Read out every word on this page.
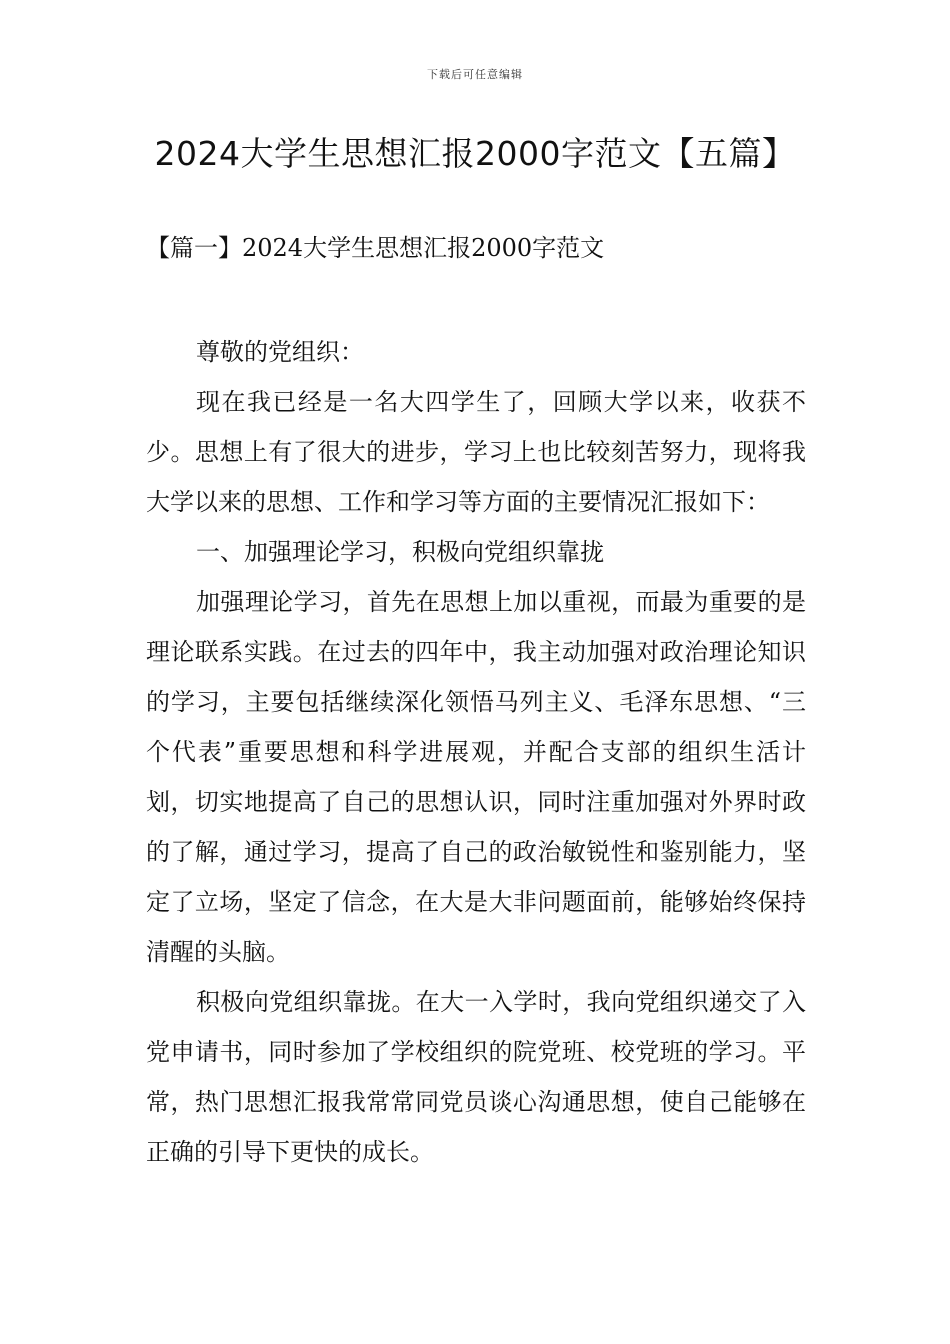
下载后可任意编辑
2024大学生思想汇报2000字范文【五篇】
【篇一】2024大学生思想汇报2000字范文

尊敬的党组织：

现在我已经是一名大四学生了，回顾大学以来，收获不少。思想上有了很大的进步，学习上也比较刻苦努力，现将我大学以来的思想、工作和学习等方面的主要情况汇报如下：

一、加强理论学习，积极向党组织靠拢

加强理论学习，首先在思想上加以重视，而最为重要的是理论联系实践。在过去的四年中，我主动加强对政治理论知识的学习，主要包括继续深化领悟马列主义、毛泽东思想、“三个代表”重要思想和科学进展观，并配合支部的组织生活计划，切实地提高了自己的思想认识，同时注重加强对外界时政的了解，通过学习，提高了自己的政治敏锐性和鉴别能力，坚定了立场，坚定了信念，在大是大非问题面前，能够始终保持清醒的头脑。

积极向党组织靠拢。在大一入学时，我向党组织递交了入党申请书，同时参加了学校组织的院党班、校党班的学习。平常，热门思想汇报我常常同党员谈心沟通思想，使自己能够在正确的引导下更快的成长。
